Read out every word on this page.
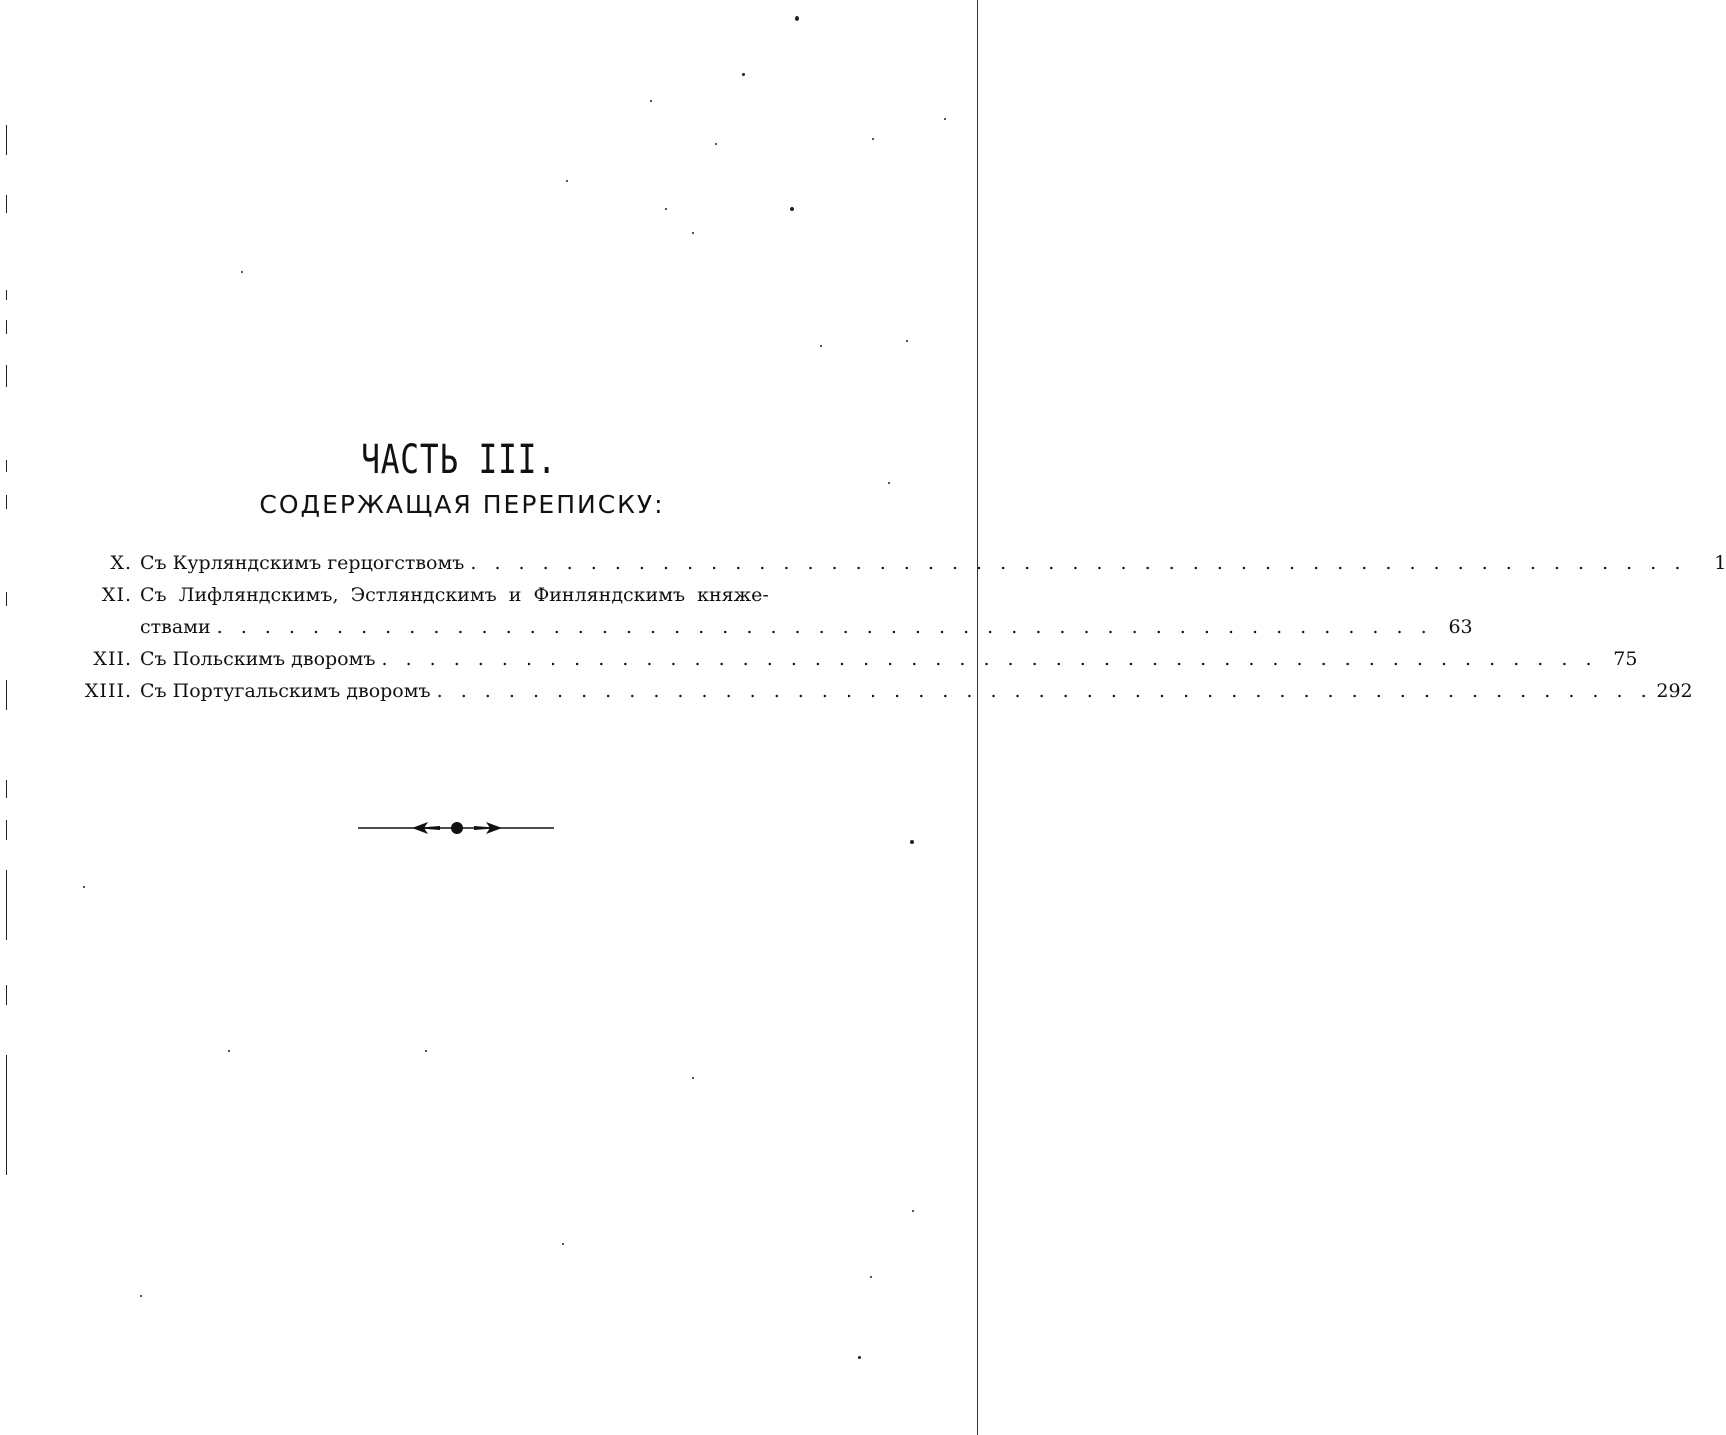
ЧАСТЬ III.
СОДЕРЖАЩАЯ ПЕРЕПИСКУ:
X. Съ Курляндскимъ герцогствомъ . . .	1
XI. Съ Лифляндскимъ, Эстляндскимъ и Финляндскимъ княже-
ствами . . .	63
XII. Съ Польскимъ дворомъ . . .	75
XIII. Съ Португальскимъ дворомъ . . .	292
